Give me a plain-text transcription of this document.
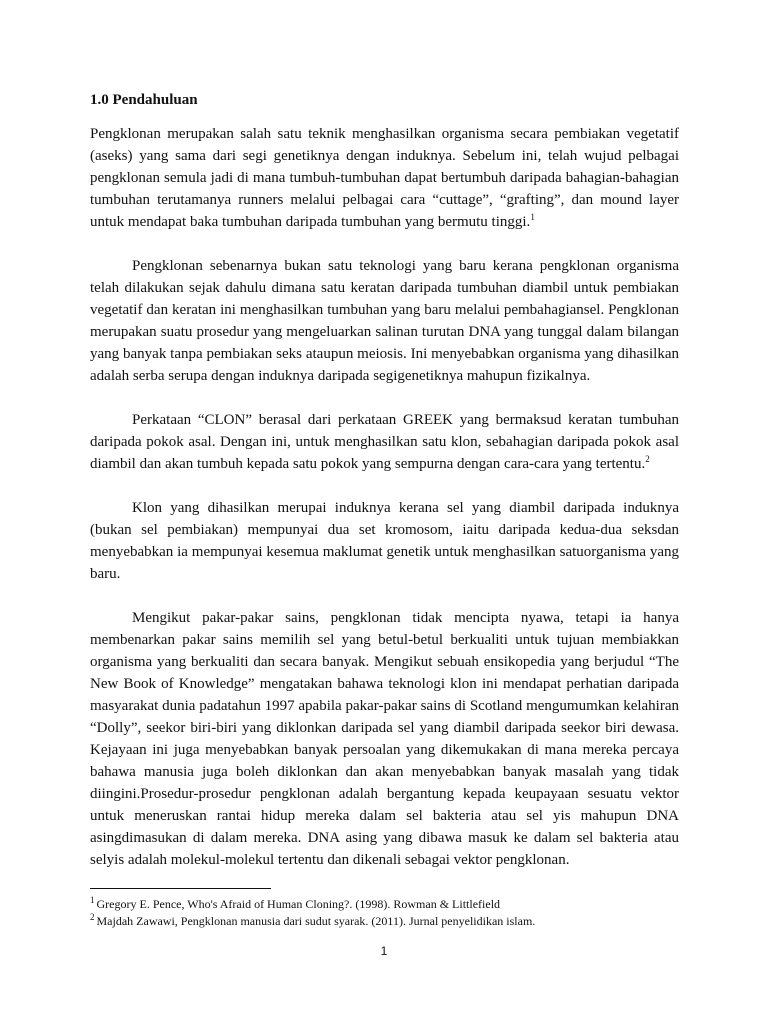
1.0 Pendahuluan

Pengklonan merupakan salah satu teknik menghasilkan organisma secara pembiakan vegetatif (aseks) yang sama dari segi genetiknya dengan induknya. Sebelum ini, telah wujud pelbagai pengklonan semula jadi di mana tumbuh-tumbuhan dapat bertumbuh daripada bahagian-bahagian tumbuhan terutamanya runners melalui pelbagai cara “cuttage”, “grafting”, dan mound layer untuk mendapat baka tumbuhan daripada tumbuhan yang bermutu tinggi.$^1$

Pengklonan sebenarnya bukan satu teknologi yang baru kerana pengklonan organisma telah dilakukan sejak dahulu dimana satu keratan daripada tumbuhan diambil untuk pembiakan vegetatif dan keratan ini menghasilkan tumbuhan yang baru melalui pembahagiansel. Pengklonan merupakan suatu prosedur yang mengeluarkan salinan turutan DNA yang tunggal dalam bilangan yang banyak tanpa pembiakan seks ataupun meiosis. Ini menyebabkan organisma yang dihasilkan adalah serba serupa dengan induknya daripada segigenetiknya mahupun fizikalnya.

Perkataan “CLON” berasal dari perkataan GREEK yang bermaksud keratan tumbuhan daripada pokok asal. Dengan ini, untuk menghasilkan satu klon, sebahagian daripada pokok asal diambil dan akan tumbuh kepada satu pokok yang sempurna dengan cara-cara yang tertentu.$^2$

Klon yang dihasilkan merupai induknya kerana sel yang diambil daripada induknya (bukan sel pembiakan) mempunyai dua set kromosom, iaitu daripada kedua-dua seksdan menyebabkan ia mempunyai kesemua maklumat genetik untuk menghasilkan satuorganisma yang baru.

Mengikut pakar-pakar sains, pengklonan tidak mencipta nyawa, tetapi ia hanya membenarkan pakar sains memilih sel yang betul-betul berkualiti untuk tujuan membiakkan organisma yang berkualiti dan secara banyak. Mengikut sebuah ensikopedia yang berjudul “The New Book of Knowledge” mengatakan bahawa teknologi klon ini mendapat perhatian daripada masyarakat dunia padatahun 1997 apabila pakar-pakar sains di Scotland mengumumkan kelahiran “Dolly”, seekor biri-biri yang diklonkan daripada sel yang diambil daripada seekor biri dewasa. Kejayaan ini juga menyebabkan banyak persoalan yang dikemukakan di mana mereka percaya bahawa manusia juga boleh diklonkan dan akan menyebabkan banyak masalah yang tidak diingini.Prosedur-prosedur pengklonan adalah bergantung kepada keupayaan sesuatu vektor untuk meneruskan rantai hidup mereka dalam sel bakteria atau sel yis mahupun DNA asingdimasukan di dalam mereka. DNA asing yang dibawa masuk ke dalam sel bakteria atau selyis adalah molekul-molekul tertentu dan dikenali sebagai vektor pengklonan.

$^1$ Gregory E. Pence, Who's Afraid of Human Cloning?. (1998). Rowman & Littlefield

$^2$ Majdah Zawawi, Pengklonan manusia dari sudut syarak. (2011). Jurnal penyelidikan islam.

1
